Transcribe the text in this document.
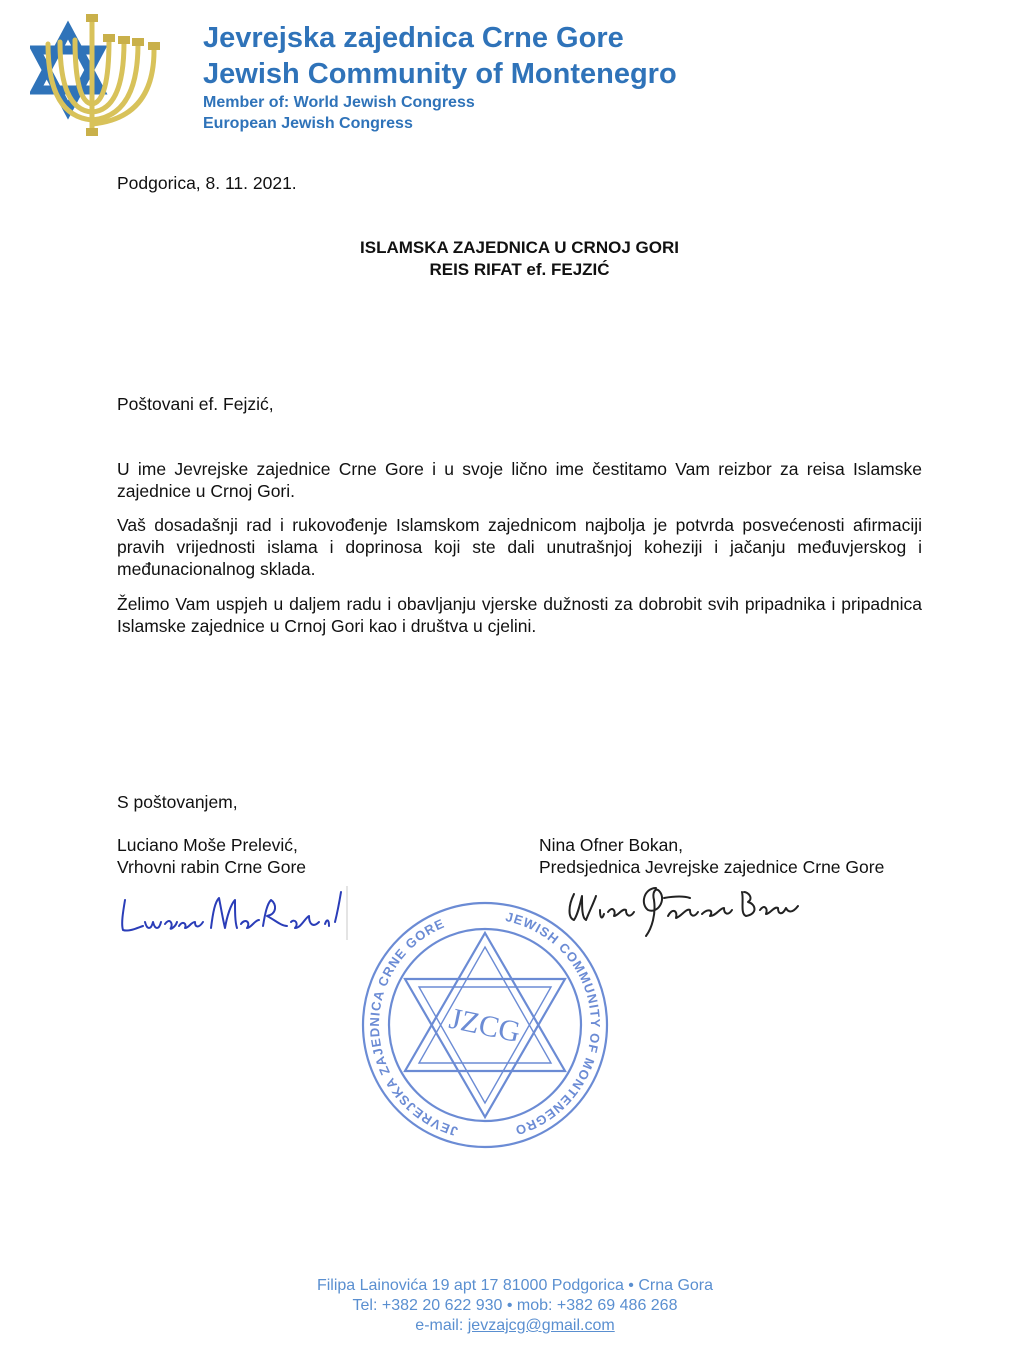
Jevrejska zajednica Crne Gore
Jewish Community of Montenegro
Member of: World Jewish Congress
European Jewish Congress
Podgorica, 8. 11. 2021.
ISLAMSKA ZAJEDNICA U CRNOJ GORI
REIS RIFAT ef. FEJZIĆ
Poštovani ef. Fejzić,

U ime Jevrejske zajednice Crne Gore i u svoje lično ime čestitamo Vam reizbor za reisa Islamske zajednice u Crnoj Gori.

Vaš dosadašnji rad i rukovođenje Islamskom zajednicom najbolja je potvrda posvećenosti afirmaciji pravih vrijednosti islama i doprinosa koji ste dali unutrašnjoj koheziji i jačanju međuvjerskog i međunacionalnog sklada.

Želimo Vam uspjeh u daljem radu i obavljanju vjerske dužnosti za dobrobit svih pripadnika i pripadnica Islamske zajednice u Crnoj Gori kao i društva u cjelini.

S poštovanjem,
Luciano Moše Prelević,
Vrhovni rabin Crne Gore
Nina Ofner Bokan,
Predsjednica Jevrejske zajednice Crne Gore
JEVREJSKA ZAJEDNICA CRNE GORE	JEWISH COMMUNITY OF MONTENEGRO
JZCG
Filipa Lainovića 19 apt 17 81000 Podgorica • Crna Gora
Tel: +382 20 622 930 • mob: +382 69 486 268
e-mail: jevzajcg@gmail.com
